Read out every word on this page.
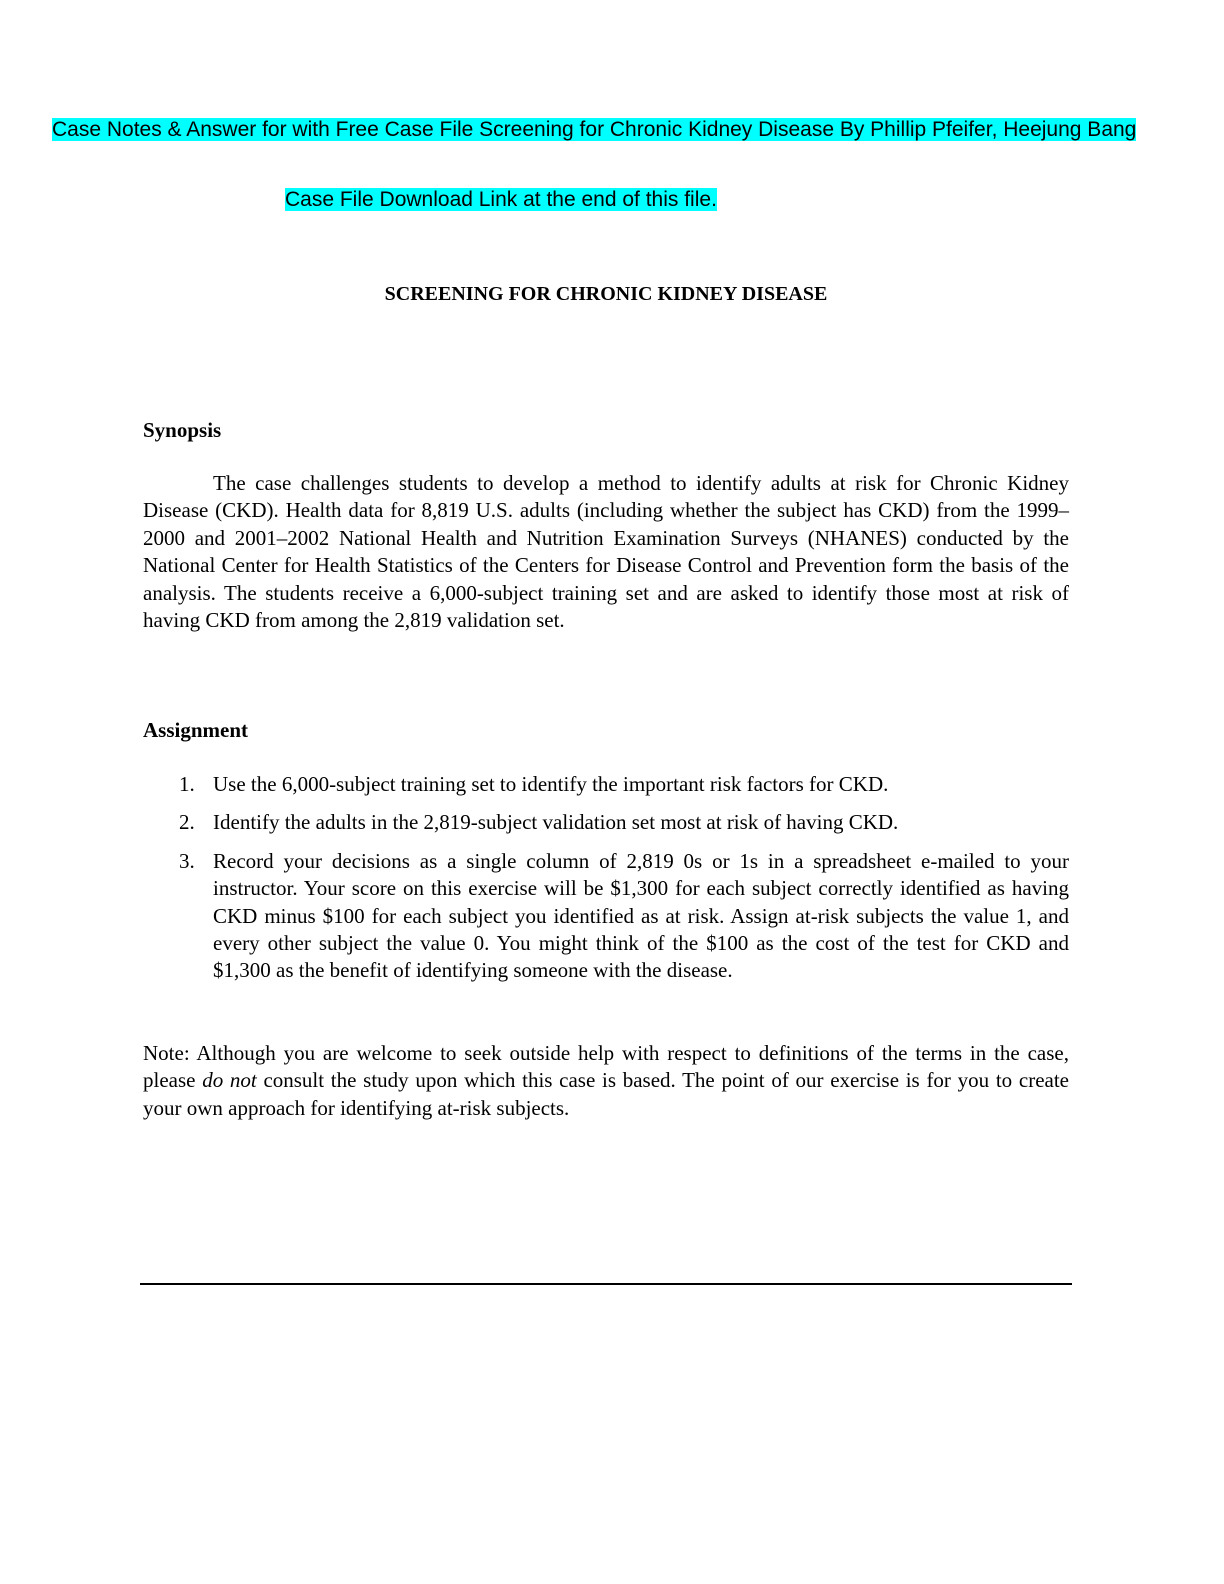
Case Notes & Answer for with Free Case File Screening for Chronic Kidney Disease By Phillip Pfeifer, Heejung Bang
Case File Download Link at the end of this file.
SCREENING FOR CHRONIC KIDNEY DISEASE
Synopsis

The case challenges students to develop a method to identify adults at risk for Chronic Kidney Disease (CKD). Health data for 8,819 U.S. adults (including whether the subject has CKD) from the 1999–2000 and 2001–2002 National Health and Nutrition Examination Surveys (NHANES) conducted by the National Center for Health Statistics of the Centers for Disease Control and Prevention form the basis of the analysis. The students receive a 6,000-subject training set and are asked to identify those most at risk of having CKD from among the 2,819 validation set.

Assignment
1. Use the 6,000-subject training set to identify the important risk factors for CKD.
2. Identify the adults in the 2,819-subject validation set most at risk of having CKD.
3. Record your decisions as a single column of 2,819 0s or 1s in a spreadsheet e-mailed to your instructor. Your score on this exercise will be $1,300 for each subject correctly identified as having CKD minus $100 for each subject you identified as at risk. Assign at-risk subjects the value 1, and every other subject the value 0. You might think of the $100 as the cost of the test for CKD and $1,300 as the benefit of identifying someone with the disease.

Note: Although you are welcome to seek outside help with respect to definitions of the terms in the case, please do not consult the study upon which this case is based. The point of our exercise is for you to create your own approach for identifying at-risk subjects.
